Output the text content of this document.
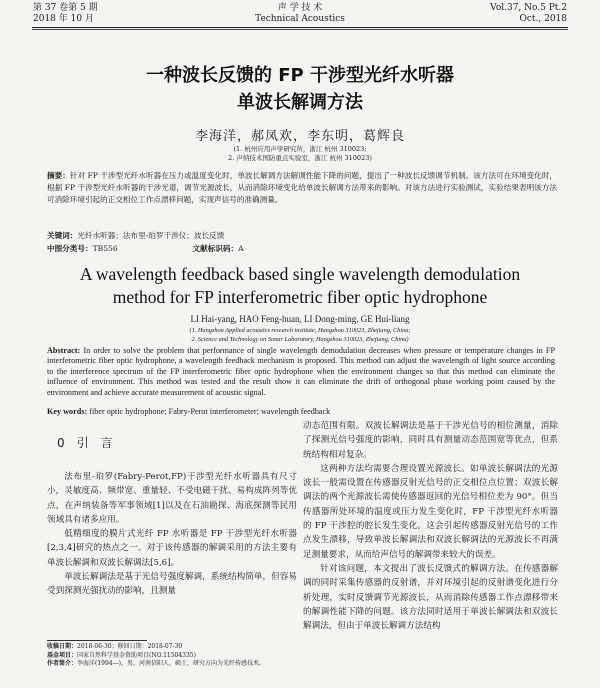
第 37 卷第 5 期
2018 年 10 月
声 学 技 术
Technical Acoustics
Vol.37, No.5 Pt.2
Oct., 2018
一种波长反馈的 FP 干涉型光纤水听器
单波长解调方法
李海洋，郝凤欢，李东明，葛辉良
(1. 杭州应用声学研究所，浙江 杭州 310023;
2. 声纳技术国防重点实验室，浙江 杭州 310023)
摘要：针对 FP 干涉型光纤水听器在压力或温度变化时，单波长解调方法解调性能下降的问题，提出了一种波长反馈调节机制。该方法可在环境变化时，根据 FP 干涉型光纤水听器的干涉光谱，调节光源波长，从而消除环境变化给单波长解调方法带来的影响。对该方法进行实验测试，实验结果表明该方法可消除环境引起的正交相位工作点漂移问题，实现声信号的准确测量。
关键词：光纤水听器；法布里-珀罗干涉仪；波长反馈
中图分类号：TB556	文献标识码：A
A wavelength feedback based single wavelength demodulation
method for FP interferometric fiber optic hydrophone
LI Hai-yang, HAO Feng-huan, LI Dong-ming, GE Hui-liang
(1. Hangzhou Applied acoustics research institute, Hangzhou 310023, Zhejiang, China;
2. Science and Technology on Sonar Laboratory, Hangzhou 310023, Zhejiang, China)
Abstract: In order to solve the problem that performance of single wavelength demodulation decreases when pressure or temperature changes in FP interferometric fiber optic hydrophone, a wavelength feedback mechanism is proposed. This method can adjust the wavelength of light source according to the interference spectrum of the FP interferometric fiber optic hydrophone when the environment changes so that this method can eliminate the influence of environment. This method was tested and the result show it can eliminate the drift of orthogonal phase working point caused by the environment and achieve accurate measurement of acoustic signal.
Key words: fiber optic hydrophone; Fabry-Perot interferometer; wavelength feedback
0　引　言

法布里-珀罗(Fabry-Perot,FP)干涉型光纤水听器具有尺寸小，灵敏度高、频带宽、重量轻、不受电磁干扰、易构成阵列等优点，在声纳装备等军事领域[1]以及在石油勘探、海底探测等民用领域具有诸多应用。

低精细度的膜片式光纤 FP 水听器是 FP 干涉型光纤水听器[2,3,4]研究的热点之一。对于该传感器的解调采用的方法主要有单波长解调和双波长解调法[5,6]。

单波长解调法是基于光信号强度解调，系统结构简单，但容易受到探测光强扰动的影响，且测量

动态范围有限。双波长解调法是基于干涉光信号的相位测量，消除了探测光信号强度的影响，同时具有测量动态范围宽等优点，但系统结构相对复杂。

这两种方法均需要合理设置光源波长。如单波长解调法的光源波长一般需设置在传感器反射光信号的正交相位点位置；双波长解调法的两个光源波长需使传感器返回的光信号相位差为 90°。但当传感器所处环境的温度或压力发生变化时，FP 干涉型光纤水听器的 FP 干涉腔的腔长发生变化。这会引起传感器反射光信号的工作点发生漂移，导致单波长解调法和双波长解调法的光源波长不再满足测量要求，从而给声信号的解调带来较大的误差。

针对该问题，本文提出了波长反馈式的解调方法。在传感器解调的同时采集传感器的反射谱，并对环境引起的反射谱变化进行分析处理，实时反馈调节光源波长，从而消除传感器工作点漂移带来的解调性能下降的问题。该方法同时适用于单波长解调法和双波长解调法，但由于单波长解调方法结构

收稿日期：2018-06-30；修回日期：2018-07-30
基金项目：国家自然科学基金资助项目(NO.11504335)
作者简介：李海洋(1994—)，男，河南信阳人，硕士，研究方向为光纤传感技术。
